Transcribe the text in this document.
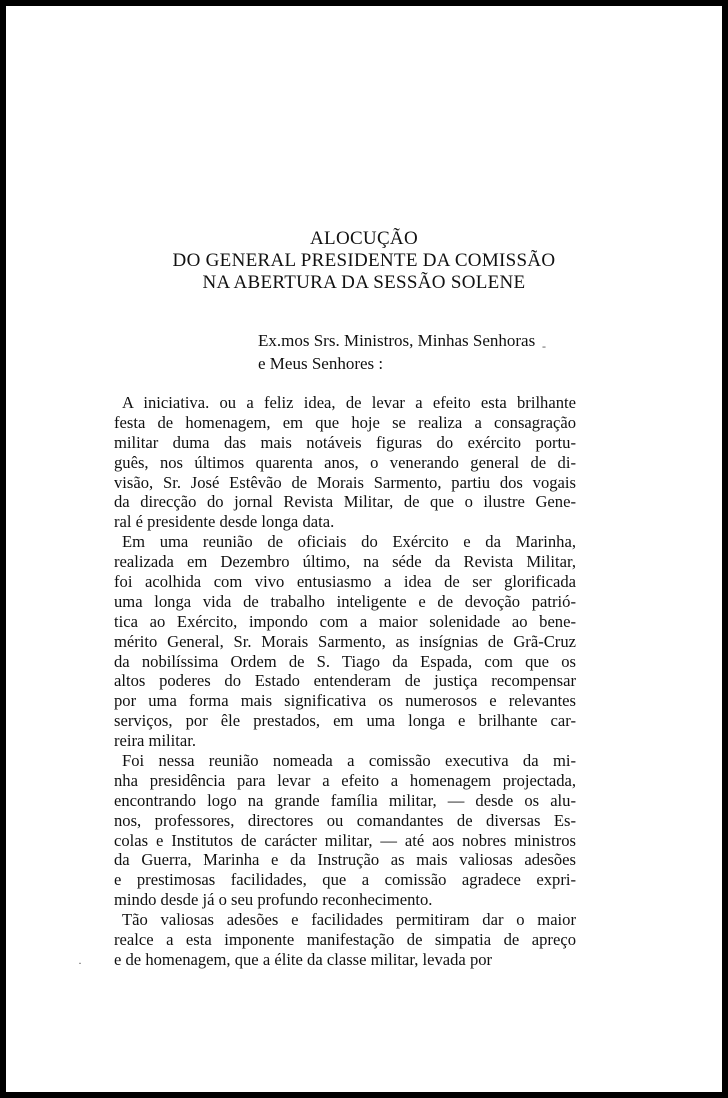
ALOCUÇÃO
DO GENERAL PRESIDENTE DA COMISSÃO
NA ABERTURA DA SESSÃO SOLENE
Ex.mos Srs. Ministros, Minhas Senhoras
e Meus Senhores :
A iniciativa. ou a feliz idea, de levar a efeito esta brilhante
festa de homenagem, em que hoje se realiza a consagração
militar duma das mais notáveis figuras do exército portu-
guês, nos últimos quarenta anos, o venerando general de di-
visão, Sr. José Estêvão de Morais Sarmento, partiu dos vogais
da direcção do jornal Revista Militar, de que o ilustre Gene-
ral é presidente desde longa data.
Em uma reunião de oficiais do Exército e da Marinha,
realizada em Dezembro último, na séde da Revista Militar,
foi acolhida com vivo entusiasmo a idea de ser glorificada
uma longa vida de trabalho inteligente e de devoção patrió-
tica ao Exército, impondo com a maior solenidade ao bene-
mérito General, Sr. Morais Sarmento, as insígnias de Grã-Cruz
da nobilíssima Ordem de S. Tiago da Espada, com que os
altos poderes do Estado entenderam de justiça recompensar
por uma forma mais significativa os numerosos e relevantes
serviços, por êle prestados, em uma longa e brilhante car-
reira militar.
Foi nessa reunião nomeada a comissão executiva da mi-
nha presidência para levar a efeito a homenagem projectada,
encontrando logo na grande família militar, — desde os alu-
nos, professores, directores ou comandantes de diversas Es-
colas e Institutos de carácter militar, — até aos nobres ministros
da Guerra, Marinha e da Instrução as mais valiosas adesões
e prestimosas facilidades, que a comissão agradece expri-
mindo desde já o seu profundo reconhecimento.
Tão valiosas adesões e facilidades permitiram dar o maior
realce a esta imponente manifestação de simpatia de apreço
e de homenagem, que a élite da classe militar, levada por
-
·
